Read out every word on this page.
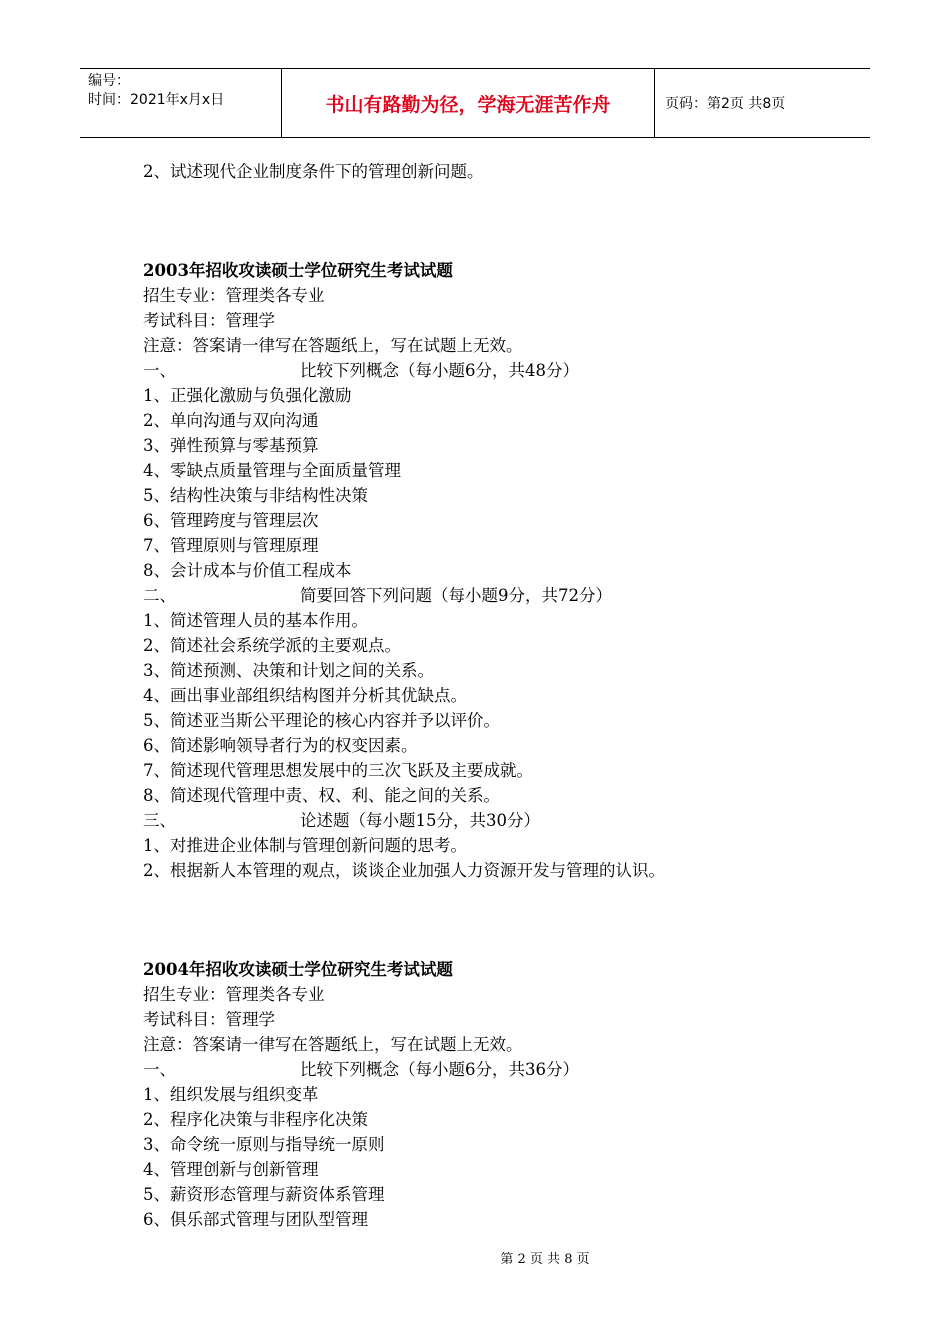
编号：
时间：2021年x月x日	书山有路勤为径，学海无涯苦作舟	页码：第2页 共8页
2、试述现代企业制度条件下的管理创新问题。
2003年招收攻读硕士学位研究生考试试题
招生专业：管理类各专业
考试科目：管理学
注意：答案请一律写在答题纸上，写在试题上无效。
一、	比较下列概念（每小题6分，共48分）
1、正强化激励与负强化激励
2、单向沟通与双向沟通
3、弹性预算与零基预算
4、零缺点质量管理与全面质量管理
5、结构性决策与非结构性决策
6、管理跨度与管理层次
7、管理原则与管理原理
8、会计成本与价值工程成本
二、	简要回答下列问题（每小题9分，共72分）
1、简述管理人员的基本作用。
2、简述社会系统学派的主要观点。
3、简述预测、决策和计划之间的关系。
4、画出事业部组织结构图并分析其优缺点。
5、简述亚当斯公平理论的核心内容并予以评价。
6、简述影响领导者行为的权变因素。
7、简述现代管理思想发展中的三次飞跃及主要成就。
8、简述现代管理中责、权、利、能之间的关系。
三、	论述题（每小题15分，共30分）
1、对推进企业体制与管理创新问题的思考。
2、根据新人本管理的观点，谈谈企业加强人力资源开发与管理的认识。
2004年招收攻读硕士学位研究生考试试题
招生专业：管理类各专业
考试科目：管理学
注意：答案请一律写在答题纸上，写在试题上无效。
一、	比较下列概念（每小题6分，共36分）
1、组织发展与组织变革
2、程序化决策与非程序化决策
3、命令统一原则与指导统一原则
4、管理创新与创新管理
5、薪资形态管理与薪资体系管理
6、俱乐部式管理与团队型管理
第 2 页 共 8 页
